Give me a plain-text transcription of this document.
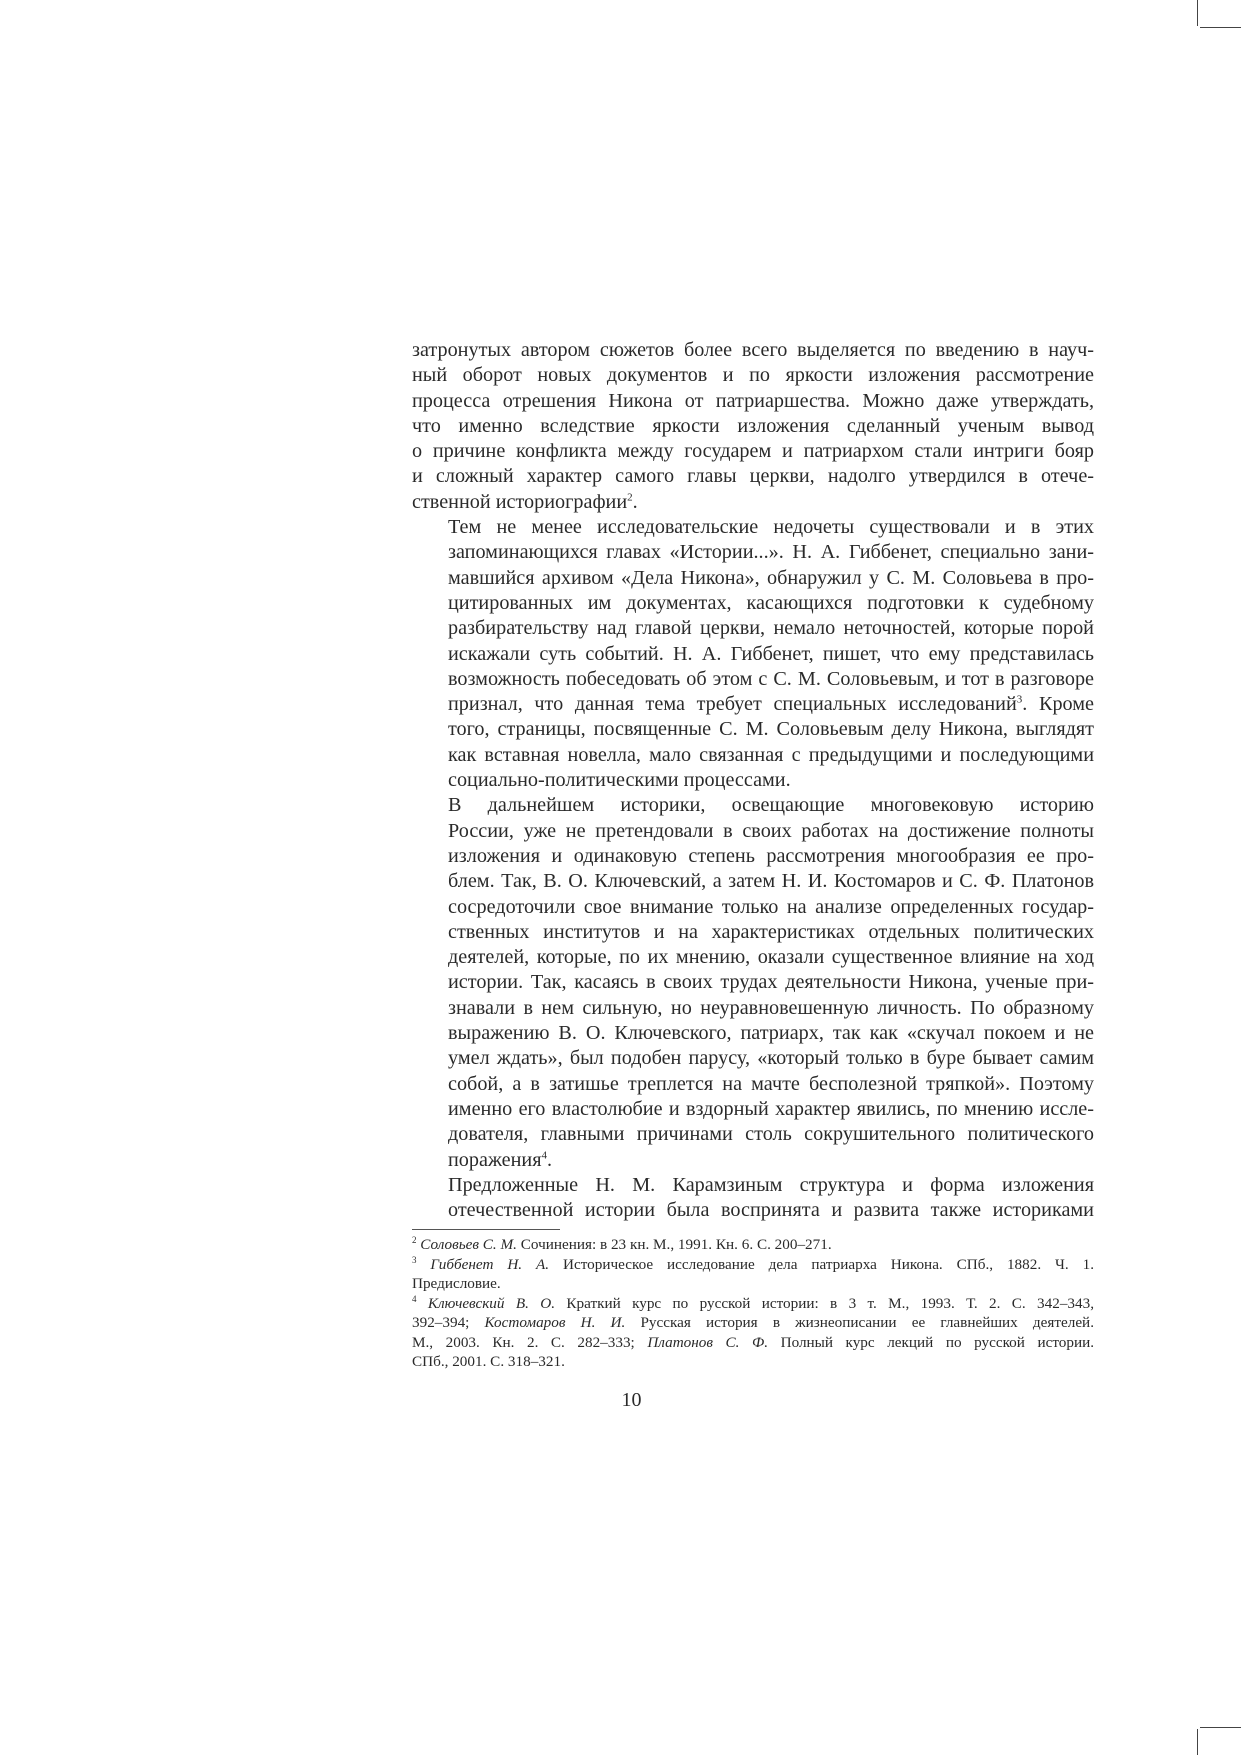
затронутых автором сюжетов более всего выделяется по введению в науч-
ный оборот новых документов и по яркости изложения рассмотрение
процесса отрешения Никона от патриаршества. Можно даже утверждать,
что именно вследствие яркости изложения сделанный ученым вывод
о причине конфликта между государем и патриархом стали интриги бояр
и сложный характер самого главы церкви, надолго утвердился в отече-
ственной историографии$^2$.

Тем не менее исследовательские недочеты существовали и в этих
запоминающихся главах «Истории...». Н. А. Гиббенет, специально зани-
мавшийся архивом «Дела Никона», обнаружил у С. М. Соловьева в про-
цитированных им документах, касающихся подготовки к судебному
разбирательству над главой церкви, немало неточностей, которые порой
искажали суть событий. Н. А. Гиббенет, пишет, что ему представилась
возможность побеседовать об этом с С. М. Соловьевым, и тот в разговоре
признал, что данная тема требует специальных исследований$^3$. Кроме
того, страницы, посвященные С. М. Соловьевым делу Никона, выглядят
как вставная новелла, мало связанная с предыдущими и последующими
социально-политическими процессами.

В дальнейшем историки, освещающие многовековую историю
России, уже не претендовали в своих работах на достижение полноты
изложения и одинаковую степень рассмотрения многообразия ее про-
блем. Так, В. О. Ключевский, а затем Н. И. Костомаров и С. Ф. Платонов
сосредоточили свое внимание только на анализе определенных государ-
ственных институтов и на характеристиках отдельных политических
деятелей, которые, по их мнению, оказали существенное влияние на ход
истории. Так, касаясь в своих трудах деятельности Никона, ученые при-
знавали в нем сильную, но неуравновешенную личность. По образному
выражению В. О. Ключевского, патриарх, так как «скучал покоем и не
умел ждать», был подобен парусу, «который только в буре бывает самим
собой, а в затишье треплется на мачте бесполезной тряпкой». Поэтому
именно его властолюбие и вздорный характер явились, по мнению иссле-
дователя, главными причинами столь сокрушительного политического
поражения$^4$.

Предложенные Н. М. Карамзиным структура и форма изложения
отечественной истории была воспринята и развита также историками

$^2$ Соловьев С. М. Сочинения: в 23 кн. М., 1991. Кн. 6. С. 200–271.

$^3$ Гиббенет Н. А. Историческое исследование дела патриарха Никона. СПб., 1882. Ч. 1.
Предисловие.

$^4$ Ключевский В. О. Краткий курс по русской истории: в 3 т. М., 1993. Т. 2. С. 342–343,
392–394; Костомаров Н. И. Русская история в жизнеописании ее главнейших деятелей.
М., 2003. Кн. 2. С. 282–333; Платонов С. Ф. Полный курс лекций по русской истории.
СПб., 2001. С. 318–321.

10
